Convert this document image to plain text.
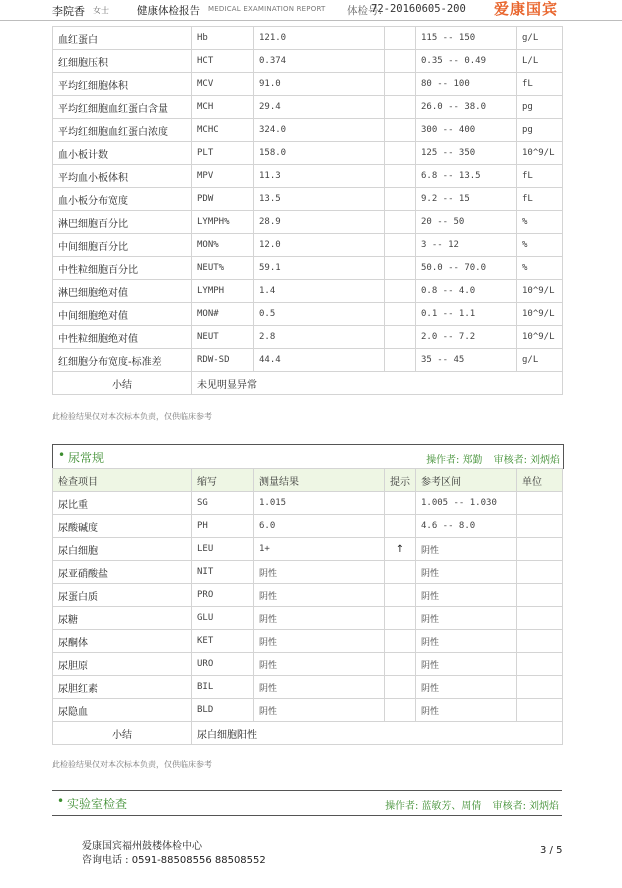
李院香 女士	健康体检报告 MEDICAL EXAMINATION REPORT 体检号:
72-20160605-200 爱康国宾
血红蛋白	Hb	121.0		115 -- 150	g/L
红细胞压积	HCT	0.374		0.35 -- 0.49	L/L
平均红细胞体积	MCV	91.0		80 -- 100	fL
平均红细胞血红蛋白含量	MCH	29.4		26.0 -- 38.0	pg
平均红细胞血红蛋白浓度	MCHC	324.0		300 -- 400	pg
血小板计数	PLT	158.0		125 -- 350	10^9/L
平均血小板体积	MPV	11.3		6.8 -- 13.5	fL
血小板分布宽度	PDW	13.5		9.2 -- 15	fL
淋巴细胞百分比	LYMPH%	28.9		20 -- 50	%
中间细胞百分比	MON%	12.0		3 -- 12	%
中性粒细胞百分比	NEUT%	59.1		50.0 -- 70.0	%
淋巴细胞绝对值	LYMPH	1.4		0.8 -- 4.0	10^9/L
中间细胞绝对值	MON#	0.5		0.1 -- 1.1	10^9/L
中性粒细胞绝对值	NEUT	2.8		2.0 -- 7.2	10^9/L
红细胞分布宽度-标准差	RDW-SD	44.4		35 -- 45	g/L
小结	未见明显异常				
此检验结果仅对本次标本负责，仅供临床参考
• 尿常规	操作者: 郑勤 审核者: 刘炳焰
检查项目	缩写	测量结果	提示	参考区间	单位
尿比重	SG	1.015		1.005 -- 1.030	
尿酸碱度	PH	6.0		4.6 -- 8.0	
尿白细胞	LEU	1+	↑	阴性	
尿亚硝酸盐	NIT	阴性		阴性	
尿蛋白质	PRO	阴性		阴性	
尿糖	GLU	阴性		阴性	
尿酮体	KET	阴性		阴性	
尿胆原	URO	阴性		阴性	
尿胆红素	BIL	阴性		阴性	
尿隐血	BLD	阴性		阴性	
小结	尿白细胞阳性				
此检验结果仅对本次标本负责，仅供临床参考
• 实验室检查	操作者: 蓝敏芳、周倩 审核者: 刘炳焰
爱康国宾福州鼓楼体检中心
咨询电话 : 0591-88508556 88508552
3 / 5
